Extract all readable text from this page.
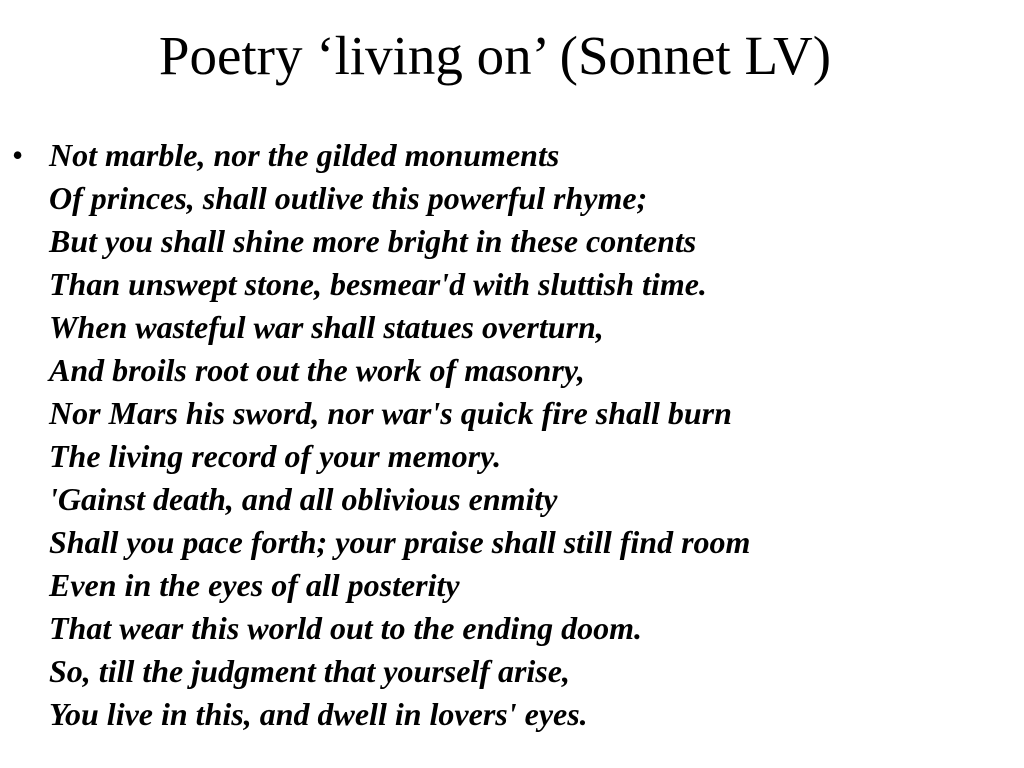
Poetry ‘living on’ (Sonnet LV)
• Not marble, nor the gilded monuments
Of princes, shall outlive this powerful rhyme;
But you shall shine more bright in these contents
Than unswept stone, besmear'd with sluttish time.
When wasteful war shall statues overturn,
And broils root out the work of masonry,
Nor Mars his sword, nor war's quick fire shall burn
The living record of your memory.
'Gainst death, and all oblivious enmity
Shall you pace forth; your praise shall still find room
Even in the eyes of all posterity
That wear this world out to the ending doom.
So, till the judgment that yourself arise,
You live in this, and dwell in lovers' eyes.
